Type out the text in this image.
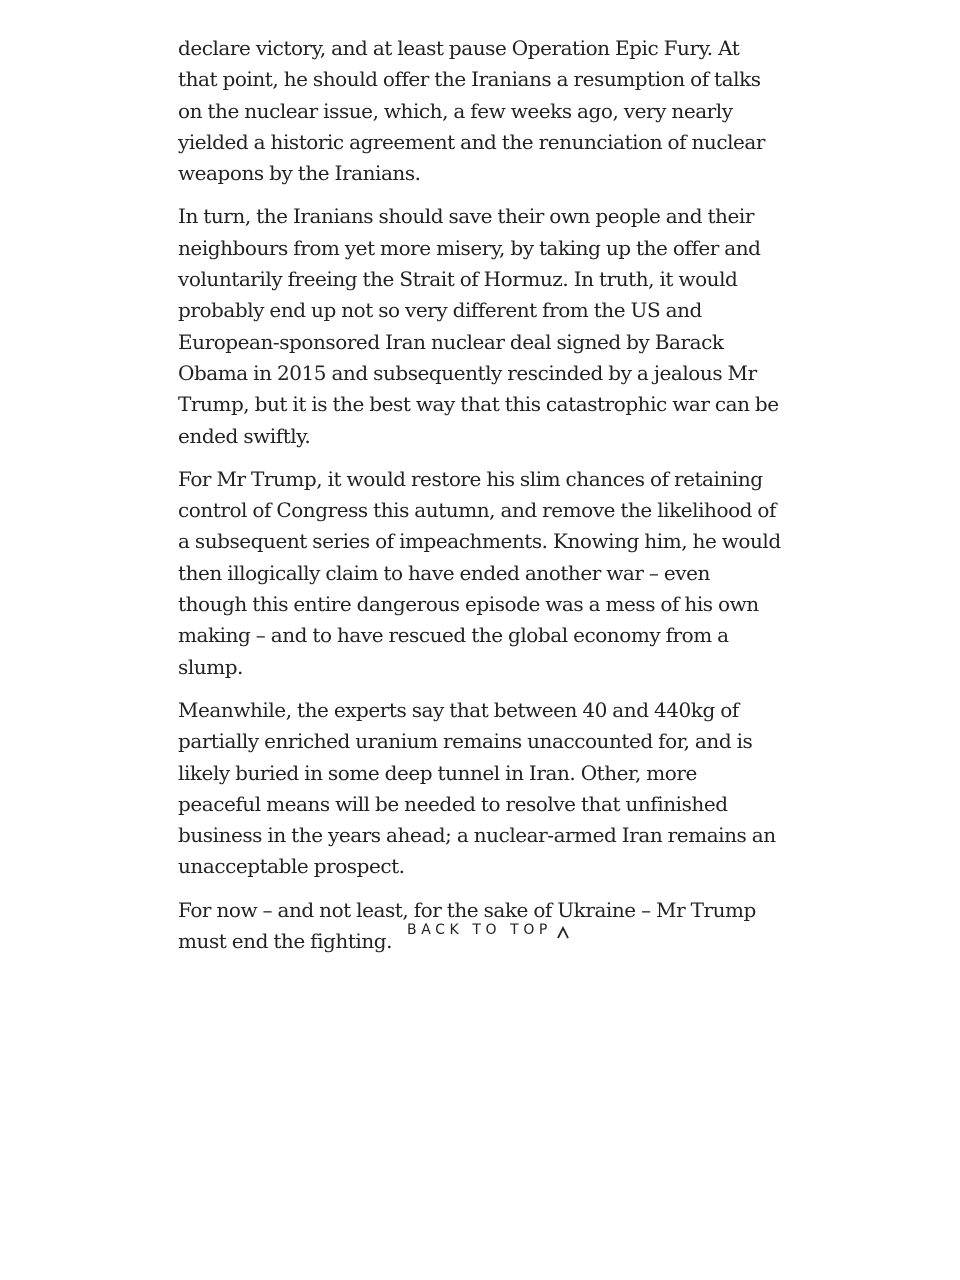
declare victory, and at least pause Operation Epic Fury. At that point, he should offer the Iranians a resumption of talks on the nuclear issue, which, a few weeks ago, very nearly yielded a historic agreement and the renunciation of nuclear weapons by the Iranians.

In turn, the Iranians should save their own people and their neighbours from yet more misery, by taking up the offer and voluntarily freeing the Strait of Hormuz. In truth, it would probably end up not so very different from the US and European-sponsored Iran nuclear deal signed by Barack Obama in 2015 and subsequently rescinded by a jealous Mr Trump, but it is the best way that this catastrophic war can be ended swiftly.

For Mr Trump, it would restore his slim chances of retaining control of Congress this autumn, and remove the likelihood of a subsequent series of impeachments. Knowing him, he would then illogically claim to have ended another war – even though this entire dangerous episode was a mess of his own making – and to have rescued the global economy from a slump.

Meanwhile, the experts say that between 40 and 440kg of partially enriched uranium remains unaccounted for, and is likely buried in some deep tunnel in Iran. Other, more peaceful means will be needed to resolve that unfinished business in the years ahead; a nuclear-armed Iran remains an unacceptable prospect.

For now – and not least, for the sake of Ukraine – Mr Trump must end the fighting.	BACK TO TOP
